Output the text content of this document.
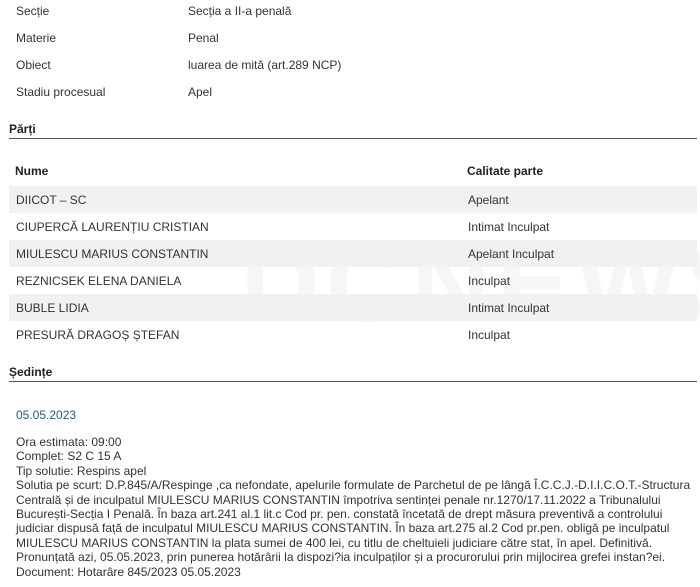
Secție	Secția a II-a penală
Materie	Penal
Obiect	luarea de mită (art.289 NCP)
Stadiu procesual	Apel
Părți
Nume	Calitate parte
DIICOT – SC	Apelant
CIUPERCĂ LAURENȚIU CRISTIAN	Intimat Inculpat
MIULESCU MARIUS CONSTANTIN	Apelant Inculpat
REZNICSEK ELENA DANIELA	Inculpat
BUBLE LIDIA	Intimat Inculpat
PRESURĂ DRAGOȘ ȘTEFAN	Inculpat
Ședințe
05.05.2023
Ora estimata: 09:00
Complet: S2 C 15 A
Tip solutie: Respins apel
Solutia pe scurt: D.P.845/A/Respinge ,ca nefondate, apelurile formulate de Parchetul de pe lângă Î.C.C.J.-D.I.I.C.O.T.-Structura
Centrală și de inculpatul MIULESCU MARIUS CONSTANTIN împotriva sentinței penale nr.1270/17.11.2022 a Tribunalului
București-Secția I Penală. În baza art.241 al.1 lit.c Cod pr. pen. constată încetată de drept măsura preventivă a controlului
judiciar dispusă față de inculpatul MIULESCU MARIUS CONSTANTIN. În baza art.275 al.2 Cod pr.pen. obligă pe inculpatul
MIULESCU MARIUS CONSTANTIN la plata sumei de 400 lei, cu titlu de cheltuieli judiciare către stat, în apel. Definitivă.
Pronunțată azi, 05.05.2023, prin punerea hotărârii la dispozi?ia inculpaților și a procurorului prin mijlocirea grefei instan?ei.
Document: Hotarâre 845/2023 05.05.2023
